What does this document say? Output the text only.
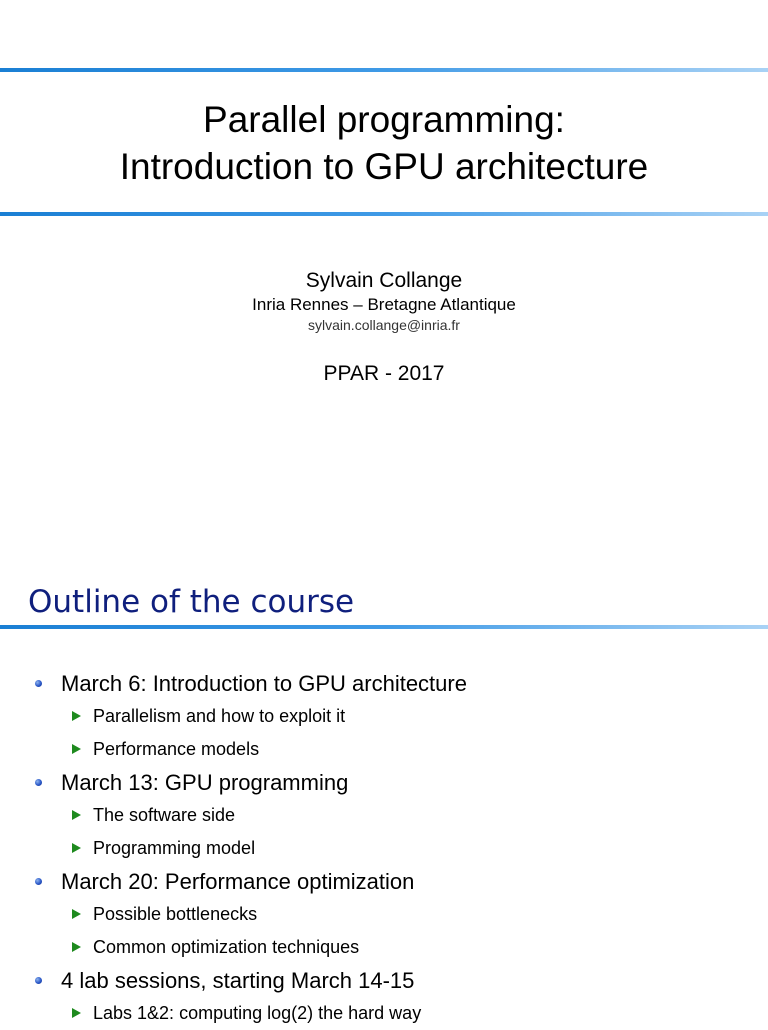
Parallel programming:
Introduction to GPU architecture
Sylvain Collange
Inria Rennes – Bretagne Atlantique
sylvain.collange@inria.fr
PPAR - 2017
Outline of the course
March 6: Introduction to GPU architecture
Parallelism and how to exploit it
Performance models
March 13: GPU programming
The software side
Programming model
March 20: Performance optimization
Possible bottlenecks
Common optimization techniques
4 lab sessions, starting March 14-15
Labs 1&2: computing log(2) the hard way
